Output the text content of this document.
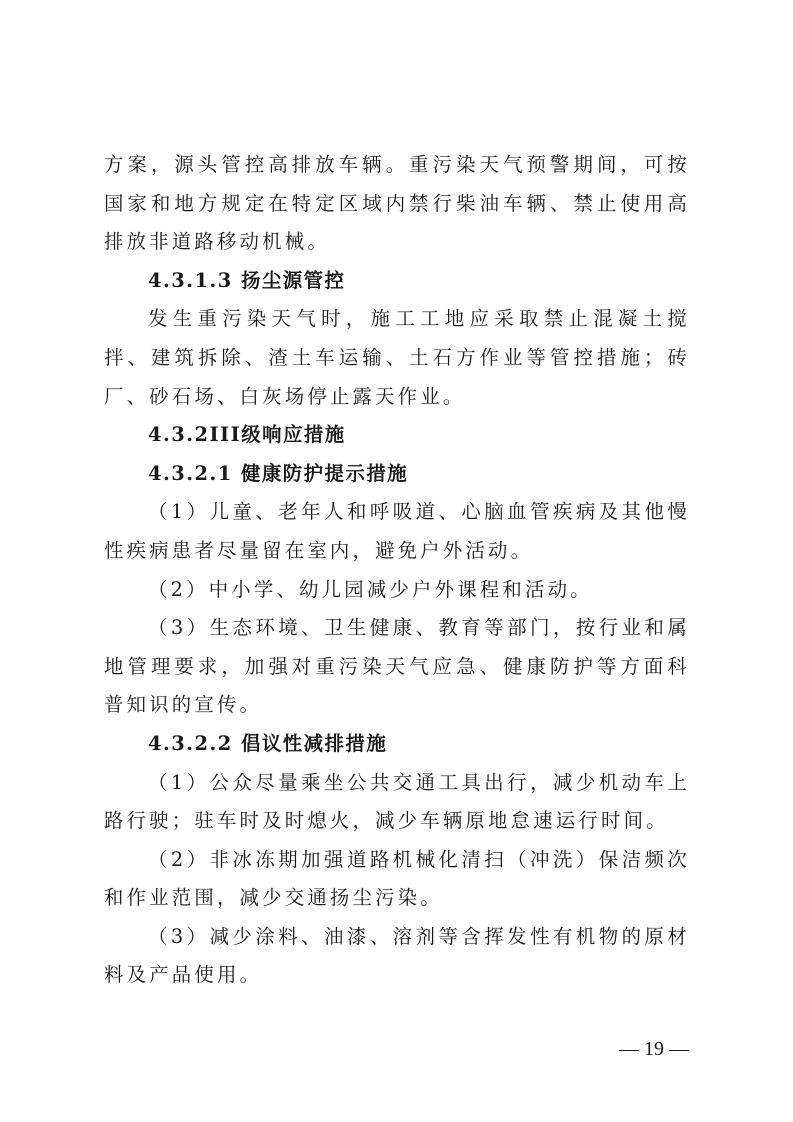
方案，源头管控高排放车辆。重污染天气预警期间，可按国家和地方规定在特定区域内禁行柴油车辆、禁止使用高排放非道路移动机械。

4.3.1.3 扬尘源管控

发生重污染天气时，施工工地应采取禁止混凝土搅拌、建筑拆除、渣土车运输、土石方作业等管控措施；砖厂、砂石场、白灰场停止露天作业。

4.3.2III级响应措施

4.3.2.1 健康防护提示措施

（1）儿童、老年人和呼吸道、心脑血管疾病及其他慢性疾病患者尽量留在室内，避免户外活动。

（2）中小学、幼儿园减少户外课程和活动。

（3）生态环境、卫生健康、教育等部门，按行业和属地管理要求，加强对重污染天气应急、健康防护等方面科普知识的宣传。

4.3.2.2 倡议性减排措施

（1）公众尽量乘坐公共交通工具出行，减少机动车上路行驶；驻车时及时熄火，减少车辆原地怠速运行时间。

（2）非冰冻期加强道路机械化清扫（冲洗）保洁频次和作业范围，减少交通扬尘污染。

（3）减少涂料、油漆、溶剂等含挥发性有机物的原材料及产品使用。

— 19 —
